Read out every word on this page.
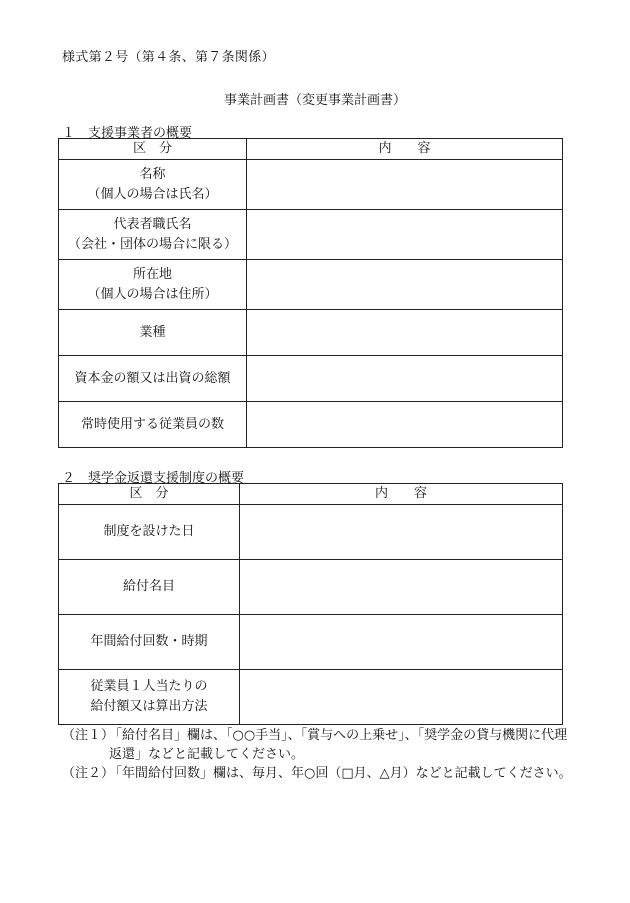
様式第２号（第４条、第７条関係）
事業計画書（変更事業計画書）
１　支援事業者の概要
区　分	内　　容

名称
（個人の場合は氏名）	

代表者職氏名
（会社・団体の場合に限る）	

所在地
（個人の場合は住所）	

業種	

資本金の額又は出資の総額	

常時使用する従業員の数	

２　奨学金返還支援制度の概要
区　分	内　　容

制度を設けた日	

給付名目	

年間給付回数・時期	

従業員１人当たりの
給付額又は算出方法	

（注１）
「給付名目」欄は、「○○手当」、「賞与への上乗せ」、「奨学金の貸与機関に代理返還」などと記載してください。
（注２）
「年間給付回数」欄は、毎月、年○回（□月、△月）などと記載してください。
